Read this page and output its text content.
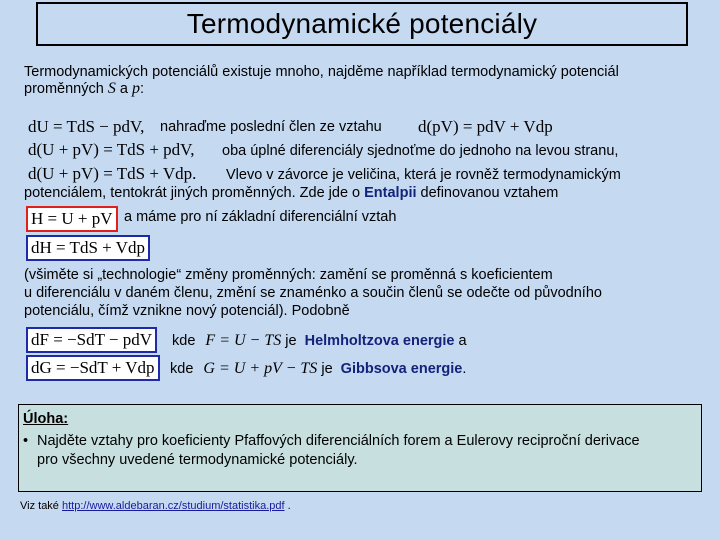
Termodynamické potenciály
Termodynamických potenciálů existuje mnoho, najděme například termodynamický potenciál
proměnných S a p:
dU = TdS − pdV, nahraďme poslední člen ze vztahu d(pV) = pdV + Vdp
d(U + pV) = TdS + pdV, oba úplné diferenciály sjednoťme do jednoho na levou stranu,
d(U + pV) = TdS + Vdp. Vlevo v závorce je veličina, která je rovněž termodynamickým
potenciálem, tentokrát jiných proměnných. Zde jde o Entalpii definovanou vztahem
H = U + pV a máme pro ní základní diferenciální vztah
dH = TdS + Vdp
(všiměte si „technologie“ změny proměnných: zamění se proměnná s koeficientem
u diferenciálu v daném členu, změní se znaménko a součin členů se odečte od původního
potenciálu, čímž vznikne nový potenciál). Podobně
dF = −SdT − pdV	kde F = U − TS je Helmholtzova energie a
dG = −SdT + Vdp	kde G = U + pV − TS je Gibbsova energie.
Úloha:
• Najděte vztahy pro koeficienty Pfaffových diferenciálních forem a Eulerovy reciproční derivace pro všechny uvedené termodynamické potenciály.
Viz také http://www.aldebaran.cz/studium/statistika.pdf .
